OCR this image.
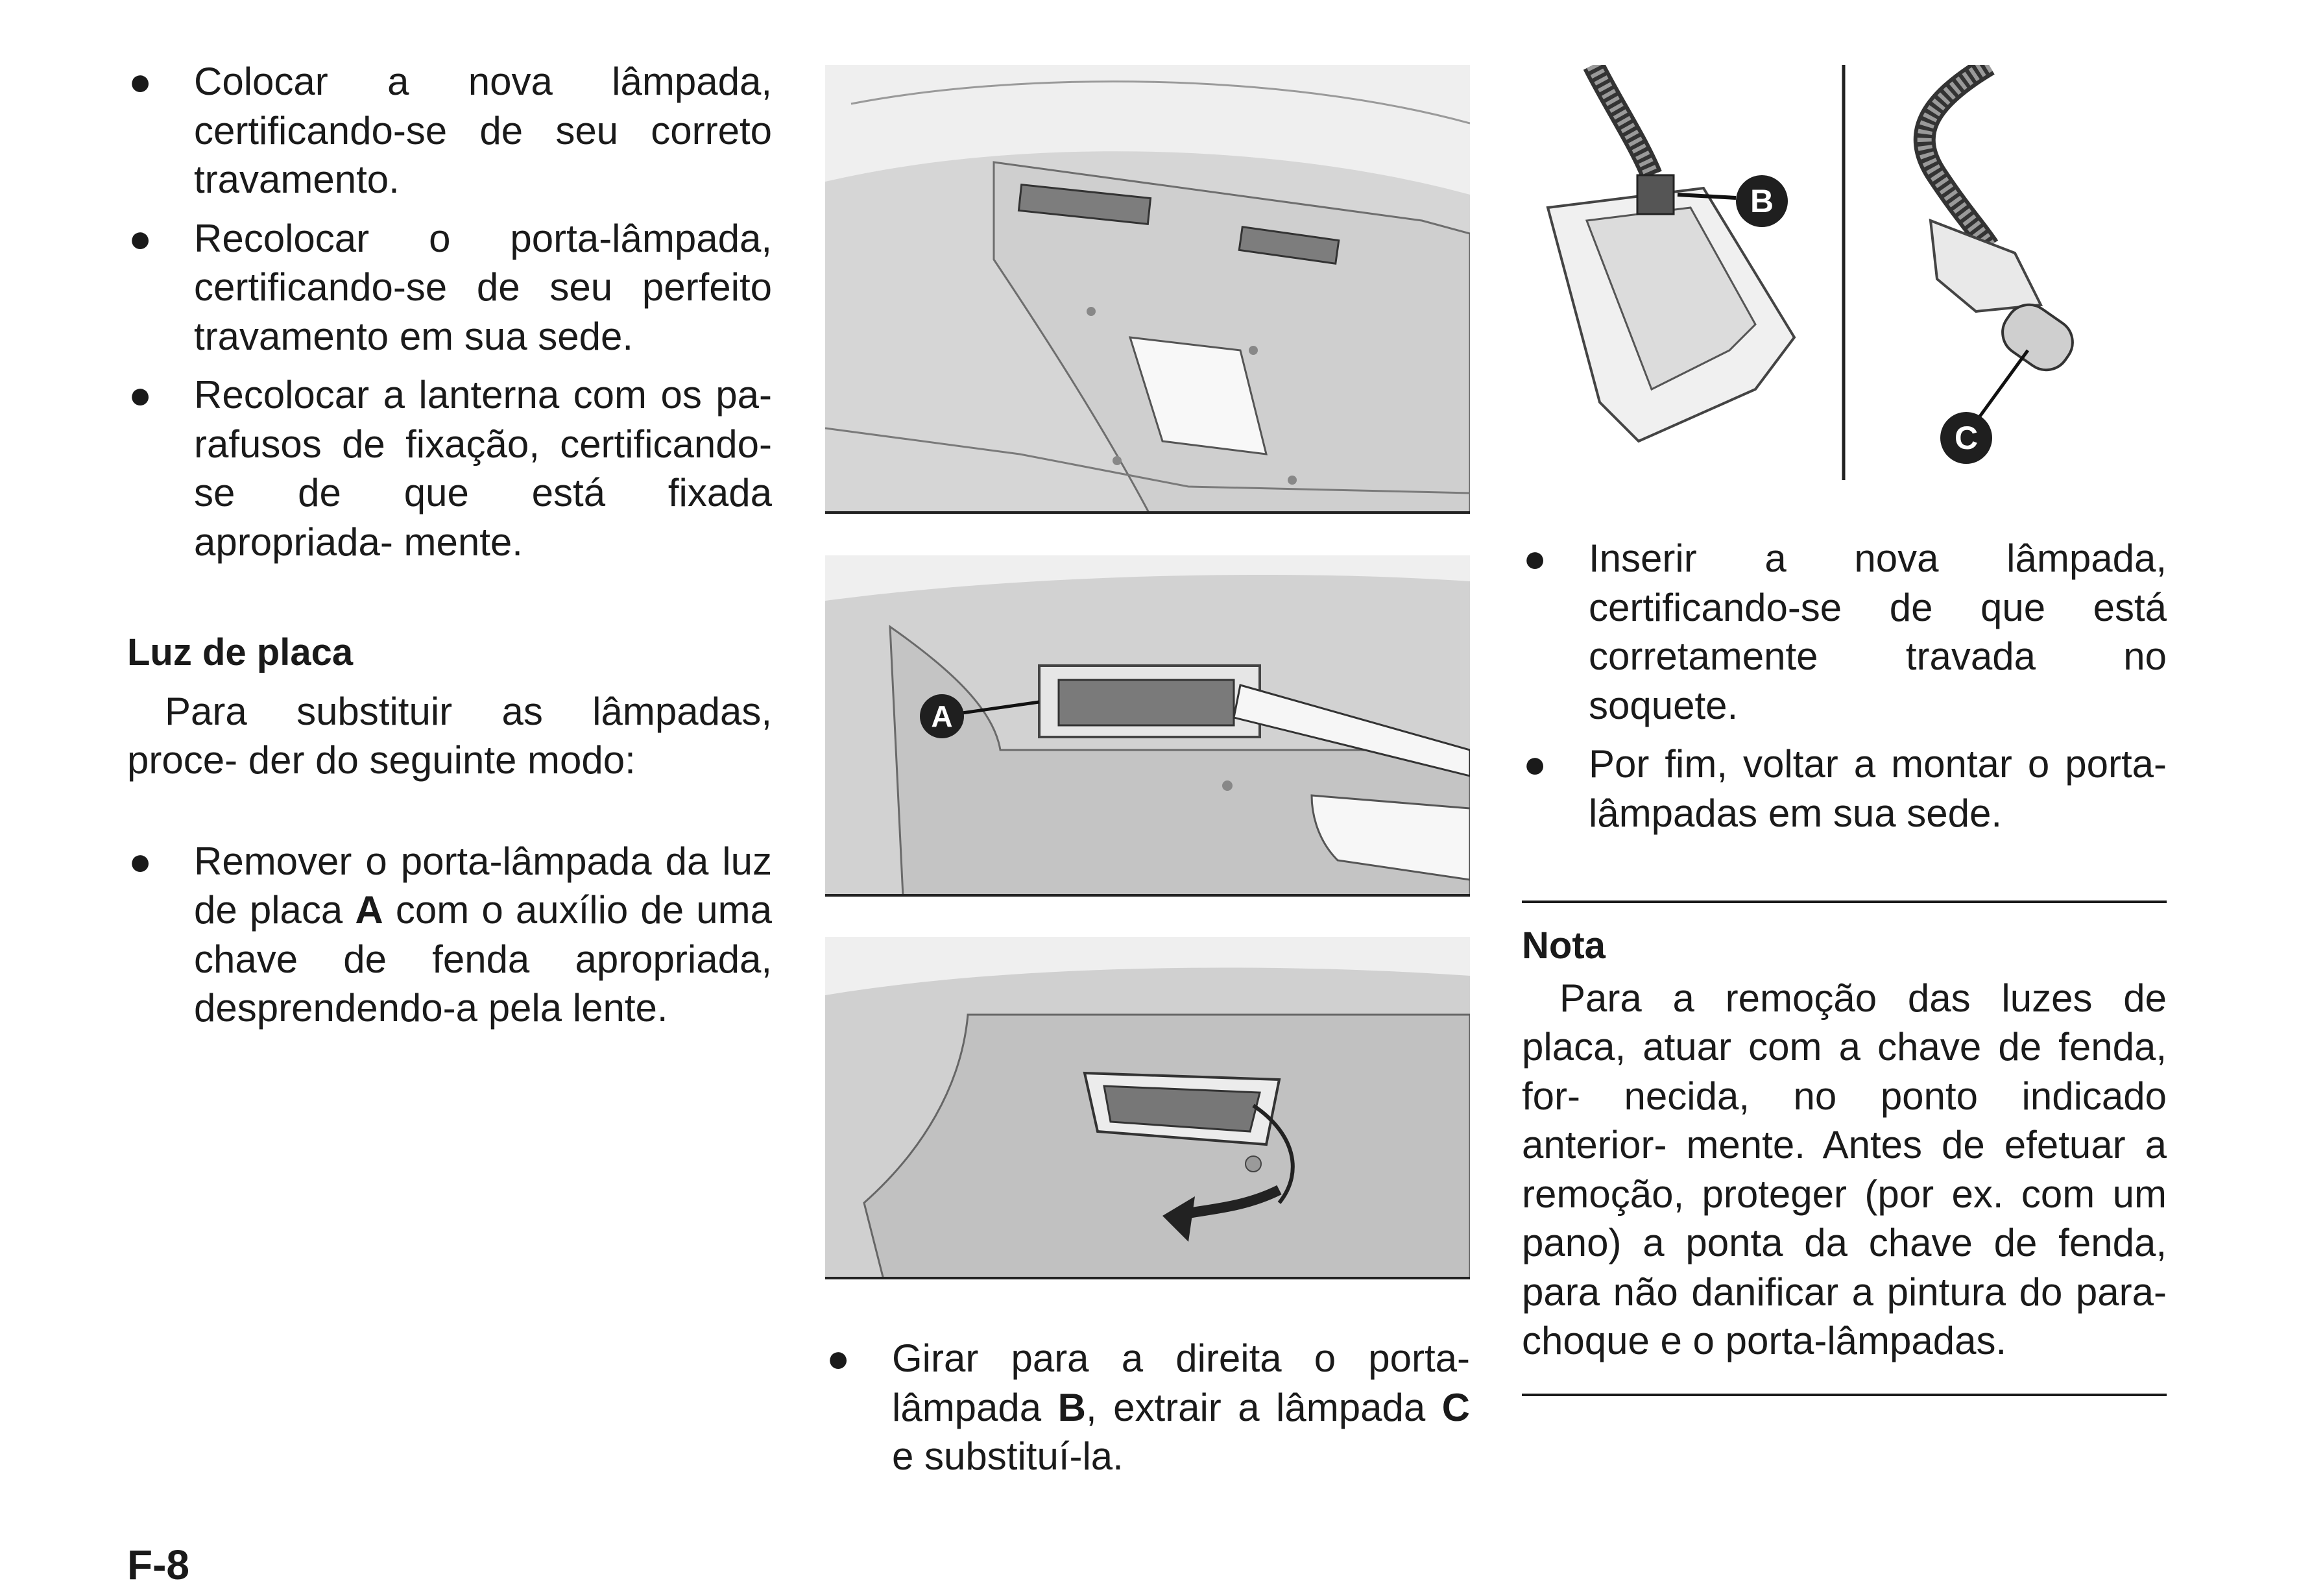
● Colocar a nova lâmpada, certificando-se de seu correto travamento.
● Recolocar o porta-lâmpada, certificando-se de seu perfeito travamento em sua sede.
● Recolocar a lanterna com os pa- rafusos de fixação, certificando- se de que está fixada apropriada- mente.
Luz de placa
Para substituir as lâmpadas, proce- der do seguinte modo:
● Remover o porta-lâmpada da luz de placa A com o auxílio de uma chave de fenda apropriada, desprendendo-a pela lente.
A
● Girar para a direita o porta-lâmpada B, extrair a lâmpada C e substituí-la.
B
C
● Inserir a nova lâmpada, certificando-se de que está corretamente travada no soquete.
● Por fim, voltar a montar o porta- lâmpadas em sua sede.
Nota
Para a remoção das luzes de placa, atuar com a chave de fenda, for- necida, no ponto indicado anterior- mente. Antes de efetuar a remoção, proteger (por ex. com um pano) a ponta da chave de fenda, para não danificar a pintura do para-choque e o porta-lâmpadas.
F-8
